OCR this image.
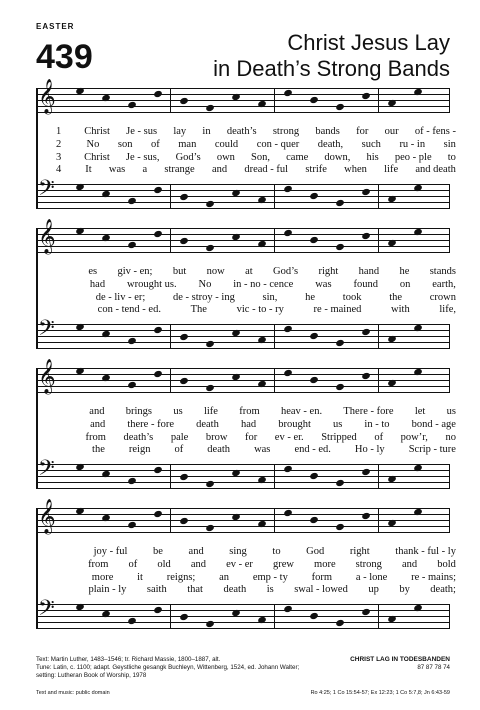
EASTER
439	Christ Jesus Lay
in Death’s Strong Bands
𝄞
1	Christ Je - sus lay in death’s strong bands for our of - fens -
2	No son of man could con - quer death, such ru - in sin
3	Christ Je - sus, God’s own Son, came down, his peo - ple to
4	It was a strange and dread - ful strife when life and death
𝄢
𝄞
es giv - en; but now at God’s right hand he stands
had wrought us. No in - no - cence was found on earth,
de - liv - er;	de - stroy - ing	sin,	he	took	the	crown
con - tend - ed.	The	vic - to - ry	re - mained	with	life,
𝄢
𝄞
and brings us life from heav - en. There - fore let us
and there - fore death had brought us in - to bond - age
from death’s pale brow for ev - er. Stripped of pow’r, no
the reign of death was end - ed. Ho - ly Scrip - ture
𝄢
𝄞
joy - ful be and sing to God right thank - ful - ly
from of old and ev - er grew more strong and bold
more it reigns; an emp - ty form a - lone re - mains;
plain - ly saith that death is swal - lowed up by death;
𝄢
Text: Martin Luther, 1483–1546; tr. Richard Massie, 1800–1887, alt.
Tune: Latin, c. 1100; adapt. Geystliche gesangk Buchleyn, Wittenberg, 1524, ed. Johann Walter;
setting: Lutheran Book of Worship, 1978
CHRIST LAG IN TODESBANDEN
87 87 78 74
Text and music: public domain	Ro 4:25; 1 Co 15:54-57; Ex 12:23; 1 Co 5:7,8; Jn 6:43-59
